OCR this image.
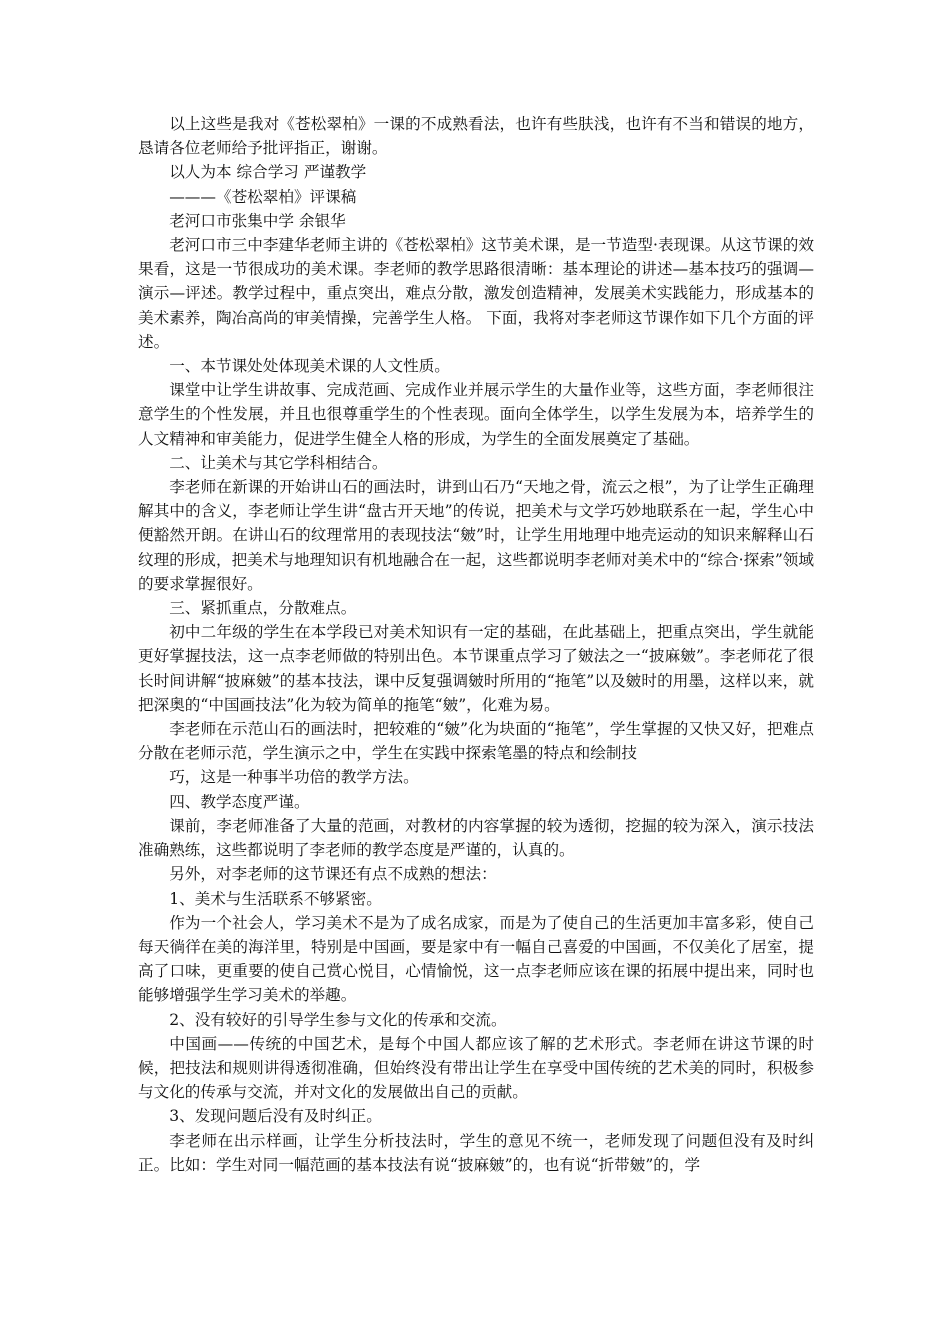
以上这些是我对《苍松翠柏》一课的不成熟看法，也许有些肤浅，也许有不当和错误的地方，恳请各位老师给予批评指正，谢谢。

以人为本 综合学习 严谨教学

———《苍松翠柏》评课稿

老河口市张集中学 余银华

老河口市三中李建华老师主讲的《苍松翠柏》这节美术课，是一节造型·表现课。从这节课的效果看，这是一节很成功的美术课。李老师的教学思路很清晰：基本理论的讲述—基本技巧的强调—演示—评述。教学过程中，重点突出，难点分散，激发创造精神，发展美术实践能力，形成基本的美术素养，陶冶高尚的审美情操，完善学生人格。 下面，我将对李老师这节课作如下几个方面的评述。

一、本节课处处体现美术课的人文性质。

课堂中让学生讲故事、完成范画、完成作业并展示学生的大量作业等，这些方面，李老师很注意学生的个性发展，并且也很尊重学生的个性表现。面向全体学生，以学生发展为本，培养学生的人文精神和审美能力，促进学生健全人格的形成，为学生的全面发展奠定了基础。

二、让美术与其它学科相结合。

李老师在新课的开始讲山石的画法时，讲到山石乃“天地之骨，流云之根”，为了让学生正确理解其中的含义，李老师让学生讲“盘古开天地”的传说，把美术与文学巧妙地联系在一起，学生心中便豁然开朗。在讲山石的纹理常用的表现技法“皴”时，让学生用地理中地壳运动的知识来解释山石纹理的形成，把美术与地理知识有机地融合在一起，这些都说明李老师对美术中的“综合·探索”领域的要求掌握很好。

三、紧抓重点，分散难点。

初中二年级的学生在本学段已对美术知识有一定的基础，在此基础上，把重点突出，学生就能更好掌握技法，这一点李老师做的特别出色。本节课重点学习了皴法之一“披麻皴”。李老师花了很长时间讲解“披麻皴”的基本技法，课中反复强调皴时所用的“拖笔”以及皴时的用墨，这样以来，就把深奥的“中国画技法”化为较为简单的拖笔“皴”，化难为易。

李老师在示范山石的画法时，把较难的“皴”化为块面的“拖笔”，学生掌握的又快又好，把难点分散在老师示范，学生演示之中，学生在实践中探索笔墨的特点和绘制技

巧，这是一种事半功倍的教学方法。

四、教学态度严谨。

课前，李老师准备了大量的范画，对教材的内容掌握的较为透彻，挖掘的较为深入，演示技法准确熟练，这些都说明了李老师的教学态度是严谨的，认真的。

另外，对李老师的这节课还有点不成熟的想法：

1、美术与生活联系不够紧密。

作为一个社会人，学习美术不是为了成名成家，而是为了使自己的生活更加丰富多彩，使自己每天徜徉在美的海洋里，特别是中国画，要是家中有一幅自己喜爱的中国画，不仅美化了居室，提高了口味，更重要的使自己赏心悦目，心情愉悦，这一点李老师应该在课的拓展中提出来，同时也能够增强学生学习美术的举趣。

2、没有较好的引导学生参与文化的传承和交流。

中国画——传统的中国艺术，是每个中国人都应该了解的艺术形式。李老师在讲这节课的时候，把技法和规则讲得透彻准确，但始终没有带出让学生在享受中国传统的艺术美的同时，积极参与文化的传承与交流，并对文化的发展做出自己的贡献。

3、发现问题后没有及时纠正。

李老师在出示样画，让学生分析技法时，学生的意见不统一，老师发现了问题但没有及时纠正。比如：学生对同一幅范画的基本技法有说“披麻皴”的，也有说“折带皴”的，学
